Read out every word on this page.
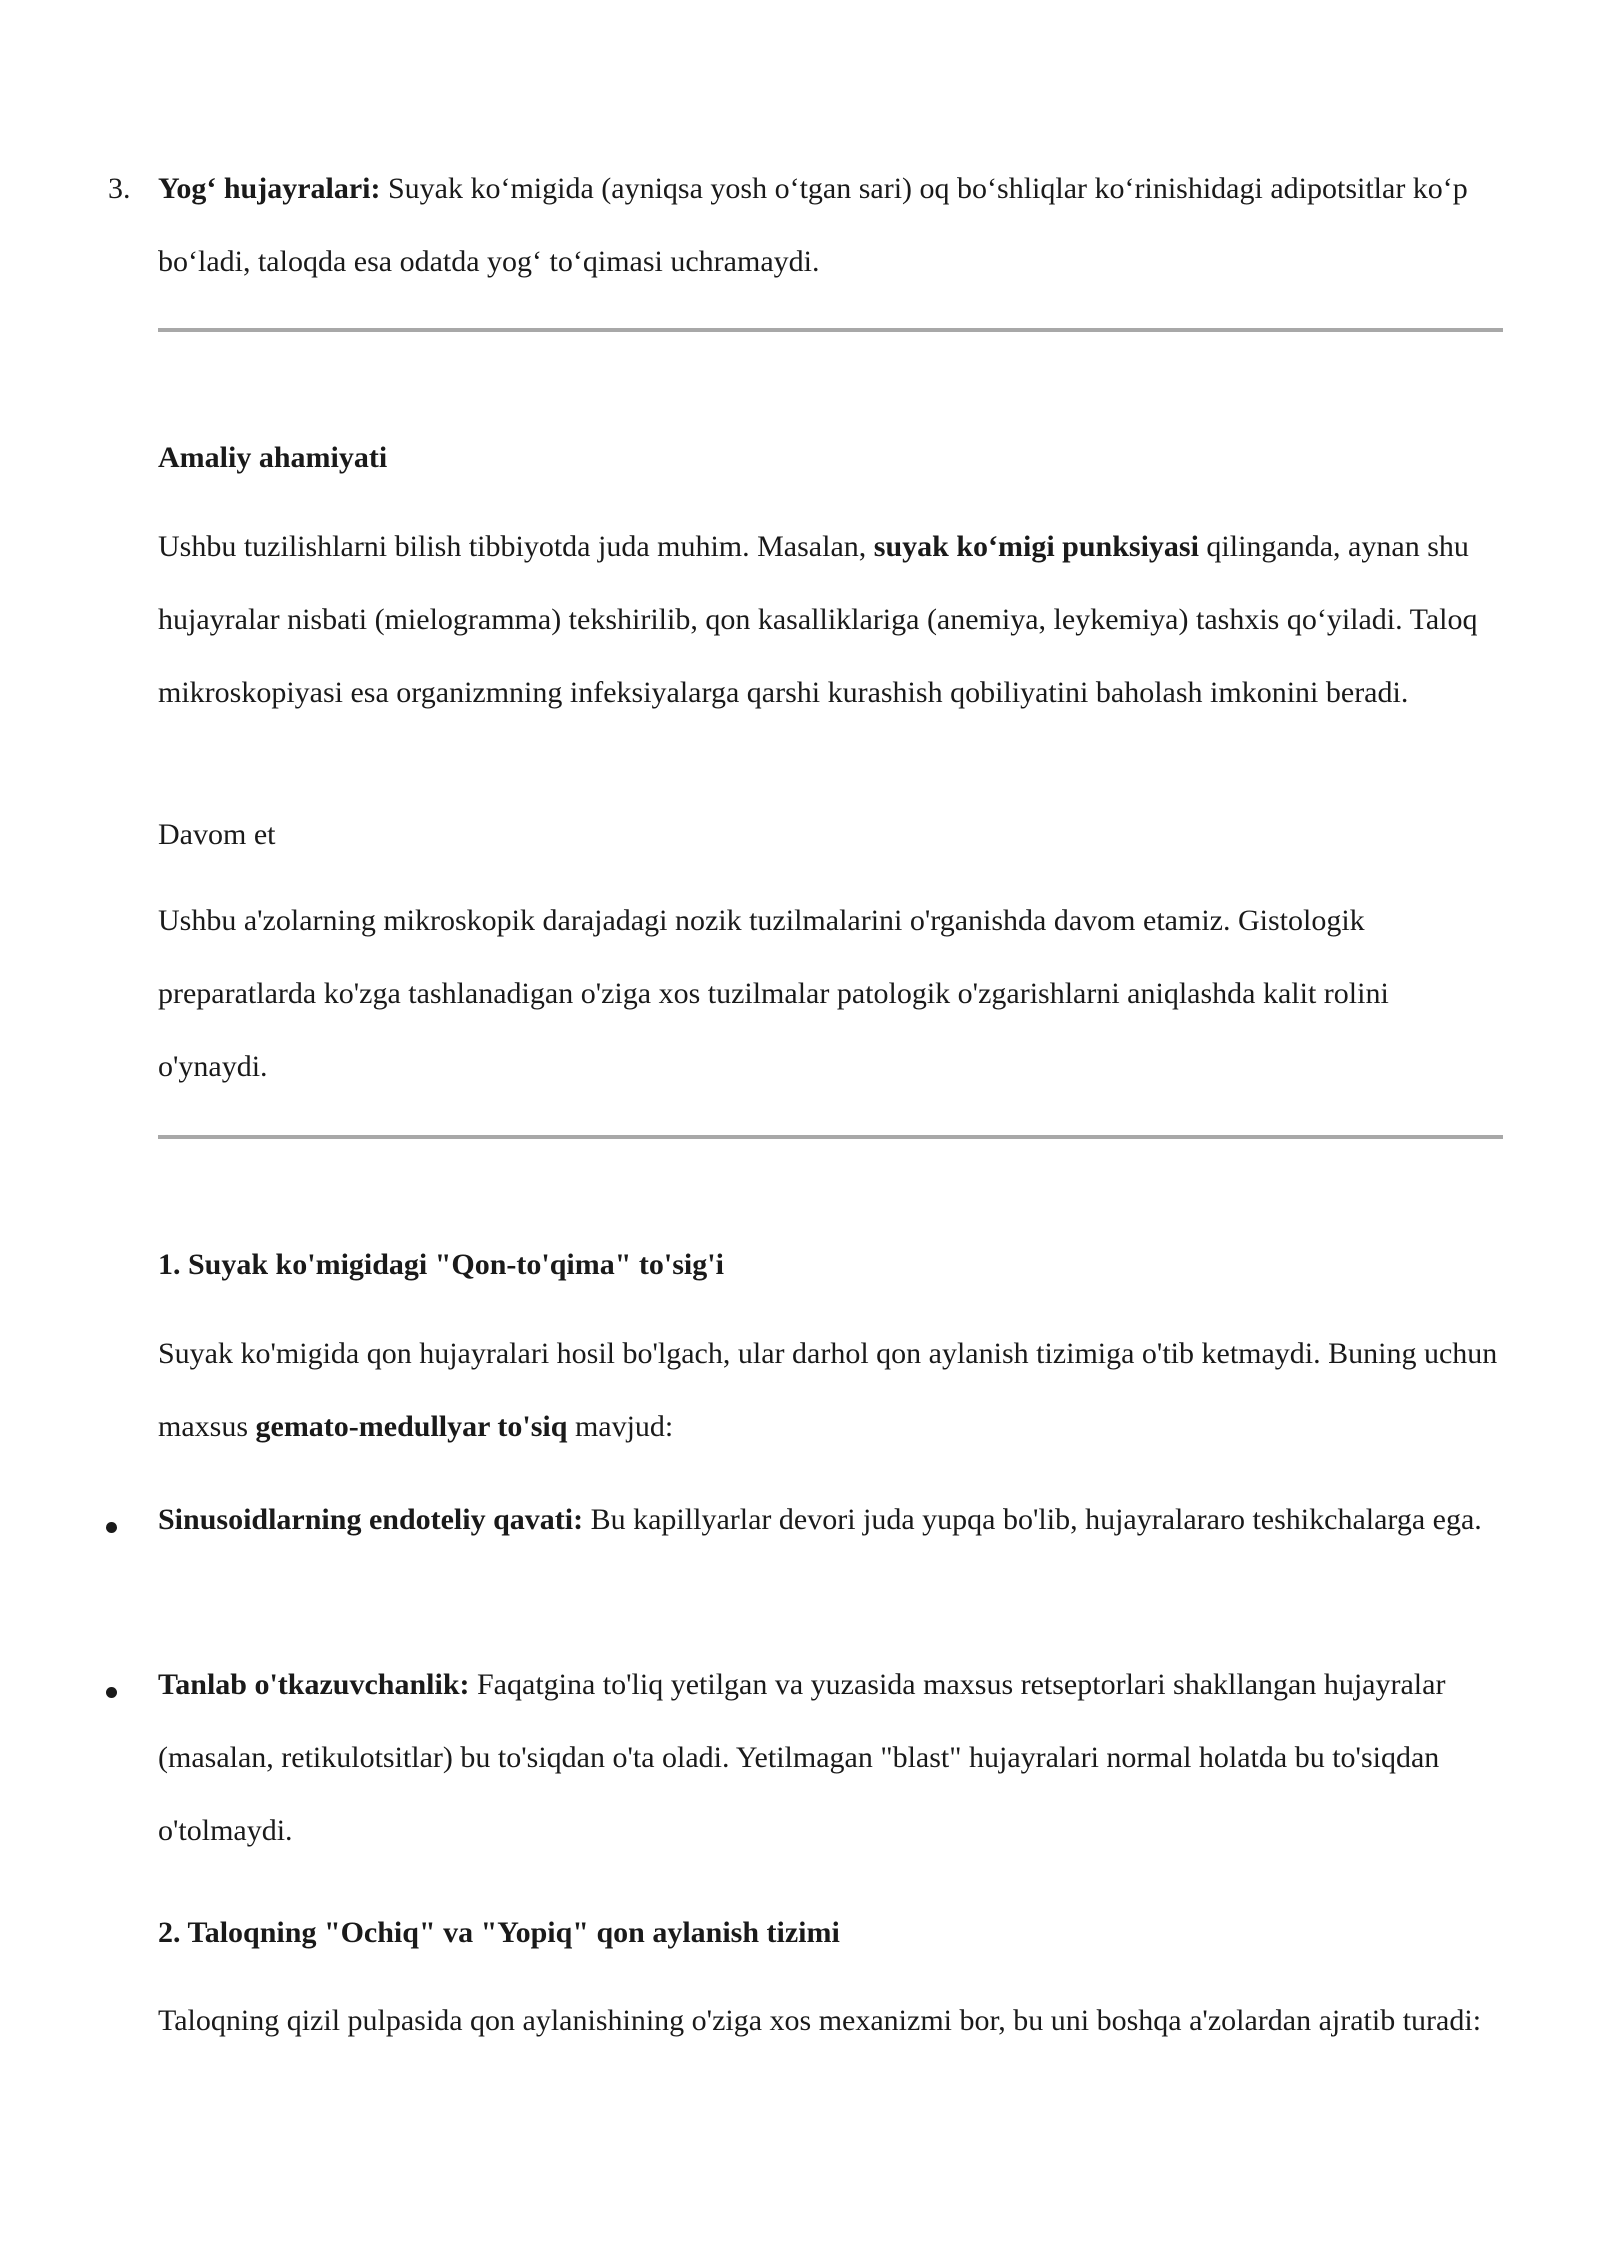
3. Yog‘ hujayralari: Suyak ko‘migida (ayniqsa yosh o‘tgan sari) oq bo‘shliqlar ko‘rinishidagi adipotsitlar ko‘p bo‘ladi, taloqda esa odatda yog‘ to‘qimasi uchramaydi.
Amaliy ahamiyati
Ushbu tuzilishlarni bilish tibbiyotda juda muhim. Masalan, suyak ko‘migi punksiyasi qilinganda, aynan shu hujayralar nisbati (mielogramma) tekshirilib, qon kasalliklariga (anemiya, leykemiya) tashxis qo‘yiladi. Taloq mikroskopiyasi esa organizmning infeksiyalarga qarshi kurashish qobiliyatini baholash imkonini beradi.
Davom et
Ushbu a'zolarning mikroskopik darajadagi nozik tuzilmalarini o'rganishda davom etamiz. Gistologik preparatlarda ko'zga tashlanadigan o'ziga xos tuzilmalar patologik o'zgarishlarni aniqlashda kalit rolini o'ynaydi.
1. Suyak ko'migidagi "Qon-to'qima" to'sig'i
Suyak ko'migida qon hujayralari hosil bo'lgach, ular darhol qon aylanish tizimiga o'tib ketmaydi. Buning uchun maxsus gemato-medullyar to'siq mavjud:
Sinusoidlarning endoteliy qavati: Bu kapillyarlar devori juda yupqa bo'lib, hujayralararo teshikchalarga ega.
Tanlab o'tkazuvchanlik: Faqatgina to'liq yetilgan va yuzasida maxsus retseptorlari shakllangan hujayralar (masalan, retikulotsitlar) bu to'siqdan o'ta oladi. Yetilmagan "blast" hujayralari normal holatda bu to'siqdan o'tolmaydi.
2. Taloqning "Ochiq" va "Yopiq" qon aylanish tizimi
Taloqning qizil pulpasida qon aylanishining o'ziga xos mexanizmi bor, bu uni boshqa a'zolardan ajratib turadi:
